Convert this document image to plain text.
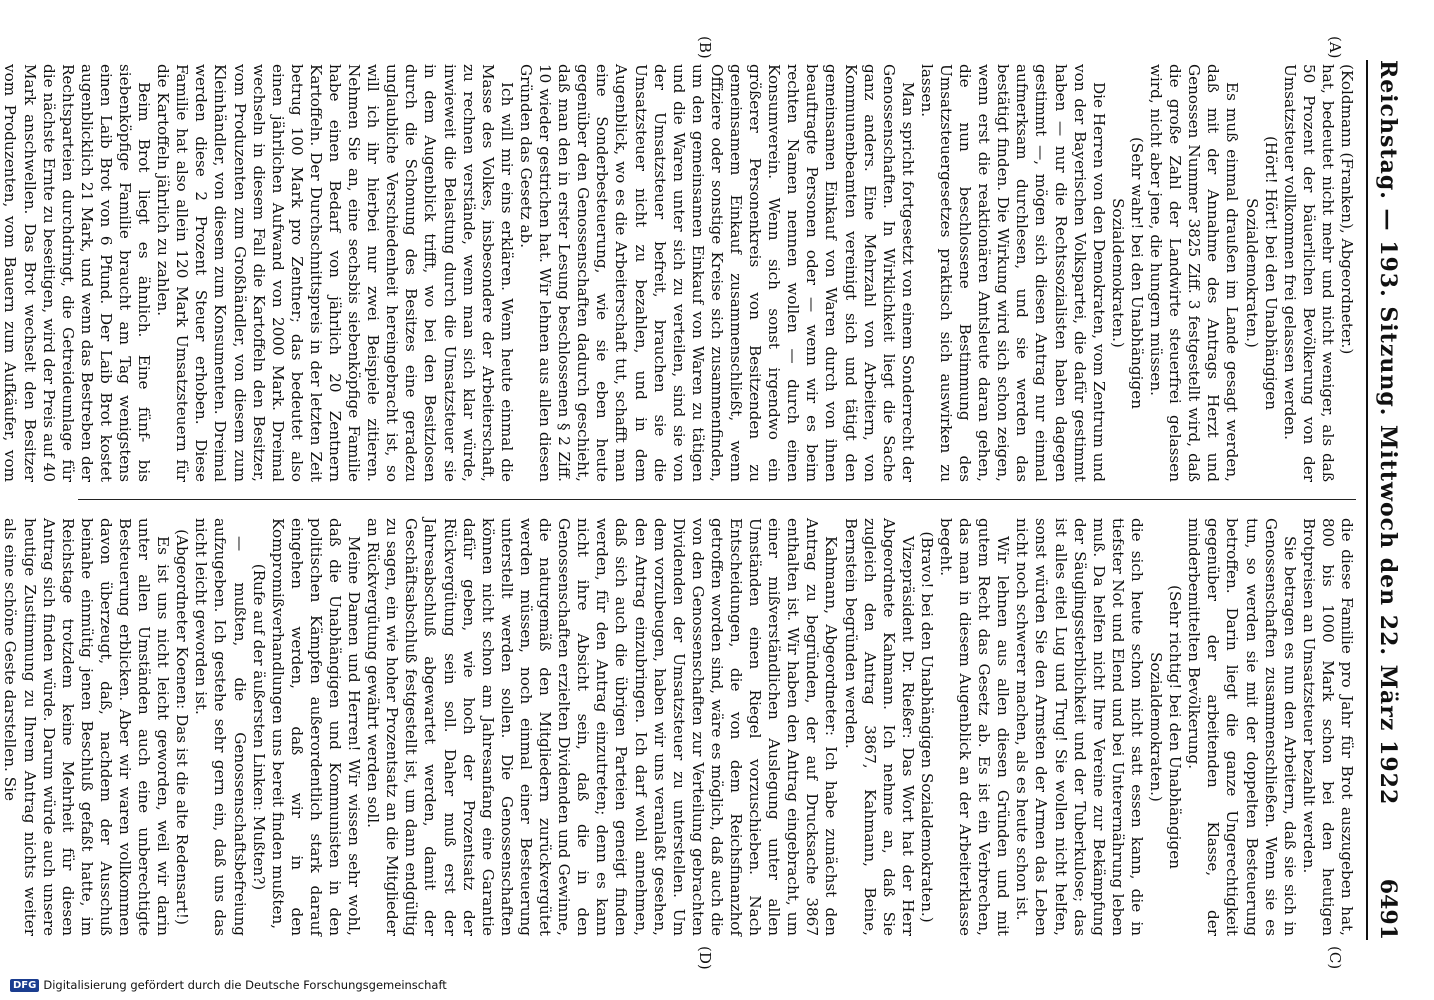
Reichstag. — 193. Sitzung. Mittwoch den 22. März 1922
6491
(A)
(B)
(C)
(D)

(Koldmann (Franken), Abgeordneter.)

hat, bedeutet nicht mehr und nicht weniger, als daß 50 Prozent der bäuerlichen Bevölkerung von der Umsatzsteuer vollkommen frei gelassen werden.

(Hört! Hört! bei den Unabhängigen Sozialdemokraten.)

Es muß einmal draußen im Lande gesagt werden, daß mit der Annahme des Antrags Herzt und Genossen Nummer 3825 Ziff. 3 festgestellt wird, daß die große Zahl der Landwirte steuerfrei gelassen wird, nicht aber jene, die hungern müssen.

(Sehr wahr! bei den Unabhängigen Sozialdemokraten.)

Die Herren von den Demokraten, vom Zentrum und von der Bayerischen Volkspartei, die dafür gestimmt haben — nur die Rechtssozialisten haben dagegen gestimmt —, mögen sich diesen Antrag nur einmal aufmerksam durchlesen, und sie werden das bestätigt finden. Die Wirkung wird sich schon zeigen, wenn erst die reaktionären Amtsleute daran gehen, die nun beschlossene Bestimmung des Umsatzsteuergesetzes praktisch sich auswirken zu lassen.

Man spricht fortgesetzt von einem Sonderrecht der Genossenschaften. In Wirklichkeit liegt die Sache ganz anders. Eine Mehrzahl von Arbeitern, von Kommunenbeamten vereinigt sich und tätigt den gemeinsamen Einkauf von Waren durch von ihnen beauftragte Personen oder — wenn wir es beim rechten Namen nennen wollen — durch einen Konsumverein. Wenn sich sonst irgendwo ein größerer Personenkreis von Besitzenden zu gemeinsamem Einkauf zusammenschließt, wenn Offiziere oder sonstige Kreise sich zusammenfinden, um den gemeinsamen Einkauf von Waren zu tätigen und die Waren unter sich zu verteilen, sind sie von der Umsatzsteuer befreit, brauchen sie die Umsatzsteuer nicht zu bezahlen, und in dem Augenblick, wo es die Arbeiterschaft tut, schafft man eine Sonderbesteuerung, wie sie eben heute gegenüber den Genossenschaften dadurch geschieht, daß man den in erster Lesung beschlossenen § 2 Ziff. 10 wieder gestrichen hat. Wir lehnen aus allen diesen Gründen das Gesetz ab.

Ich will mir eins erklären. Wenn heute einmal die Masse des Volkes, insbesondere der Arbeiterschaft, zu rechnen verstände, wenn man sich klar würde, inwieweit die Belastung durch die Umsatzsteuer sie in dem Augenblick trifft, wo bei den Besitzlosen durch die Schonung des Besitzes eine geradezu unglaubliche Verschiedenheit hereingebracht ist, so will ich ihr hierbei nur zwei Beispiele zitieren. Nehmen Sie an, eine sechsbis siebenköpfige Familie habe einen Bedarf von jährlich 20 Zentnern Kartoffeln. Der Durchschnittspreis in der letzten Zeit betrug 100 Mark pro Zentner; das bedeutet also einen jährlichen Aufwand von 2000 Mark. Dreimal wechseln in diesem Fall die Kartoffeln den Besitzer, vom Produzenten zum Großhändler, von diesem zum Kleinhändler, von diesem zum Konsumenten. Dreimal werden diese 2 Prozent Steuer erhoben. Diese Familie hat also allein 120 Mark Umsatzsteuern für die Kartoffeln jährlich zu zahlen.

Beim Brot liegt es ähnlich. Eine fünf- bis siebenköpfige Familie braucht am Tag wenigstens einen Laib Brot von 6 Pfund. Der Laib Brot kostet augenblicklich 21 Mark, und wenn das Bestreben der Rechtsparteien durchdringt, die Getreideumlage für die nächste Ernte zu beseitigen, wird der Preis auf 40 Mark anschwellen. Das Brot wechselt den Besitzer vom Produzenten, vom Bauern zum Aufkäufer, vom

die diese Familie pro Jahr für Brot auszugeben hat, 800 bis 1000 Mark schon bei den heutigen Brotpreisen an Umsatzsteuer bezahlt werden.

Sie betragen es nun den Arbeitern, daß sie sich in Genossenschaften zusammenschließen. Wenn sie es tun, so werden sie mit der doppelten Besteuerung betroffen. Darin liegt die ganze Ungerechtigkeit gegenüber der arbeitenden Klasse, der minderbemittelten Bevölkerung.

(Sehr richtig! bei den Unabhängigen Sozialdemokraten.)

die sich heute schon nicht satt essen kann, die in tiefster Not und Elend und bei Unterernährung leben muß. Da helfen nicht Ihre Vereine zur Bekämpfung der Säuglingssterblichkeit und der Tuberkulose; das ist alles eitel Lug und Trug! Sie wollen nicht helfen, sonst würden Sie den Armsten der Armen das Leben nicht noch schwerer machen, als es heute schon ist.

Wir lehnen aus allen diesen Gründen und mit gutem Recht das Gesetz ab. Es ist ein Verbrechen, das man in diesem Augenblick an der Arbeiterklasse begeht.

(Bravo! bei den Unabhängigen Sozialdemokraten.)

Vizepräsident Dr. Rießer: Das Wort hat der Herr Abgeordnete Kahmann. Ich nehme an, daß Sie zugleich den Antrag 3867, Kahmann, Beine, Bernstein begründen werden.

Kahmann, Abgeordneter: Ich habe zunächst den Antrag zu begründen, der auf Drucksache 3867 enthalten ist. Wir haben den Antrag eingebracht, um einer mißverständlichen Auslegung unter allen Umständen einen Riegel vorzuschieben. Nach Entscheidungen, die von dem Reichsfinanzhof getroffen worden sind, wäre es möglich, daß auch die von den Genossenschaften zur Verteilung gebrachten Dividenden der Umsatzsteuer zu unterstellen. Um dem vorzubeugen, haben wir uns veranlaßt gesehen, den Antrag einzubringen. Ich darf wohl annehmen, daß sich auch die übrigen Parteien geneigt finden werden, für den Antrag einzutreten; denn es kann nicht ihre Absicht sein, daß die in den Genossenschaften erzielten Dividenden und Gewinne, die naturgemäß den Mitgliedern zurückvergütet werden müssen, noch einmal einer Besteuerung unterstellt werden sollen. Die Genossenschaften können nicht schon am Jahresanfang eine Garantie dafür geben, wie hoch der Prozentsatz der Rückvergütung sein soll. Daher muß erst der Jahresabschluß abgewartet werden, damit der Geschäftsabschluß festgestellt ist, um dann endgültig zu sagen, ein wie hoher Prozentsatz an die Mitglieder an Rückvergütung gewährt werden soll.

Meine Damen und Herren! Wir wissen sehr wohl, daß die Unabhängigen und Kommunisten in den politischen Kämpfen außerordentlich stark darauf eingehen werden, daß wir in den Kompromißverhandlungen uns bereit finden mußten,

(Rufe auf der äußersten Linken: Mußten?)

— mußten, die Genossenschaftsbefreiung aufzugeben. Ich gestehe sehr gern ein, daß uns das nicht leicht geworden ist.

(Abgeordneter Koenen: Das ist die alte Redensart!)

Es ist uns nicht leicht geworden, weil wir darin unter allen Umständen auch eine unberechtigte Besteuerung erblicken. Aber wir waren vollkommen davon überzeugt, daß, nachdem der Ausschuß beinahe einmütig jenen Beschluß gefaßt hatte, im Reichstage trotzdem keine Mehrheit für diesen Antrag sich finden würde. Darum würde auch unsere heutige Zustimmung zu Ihrem Antrag nichts weiter als eine schöne Geste darstellen. Sie

DFG Digitalisierung gefördert durch die Deutsche Forschungsgemeinschaft
